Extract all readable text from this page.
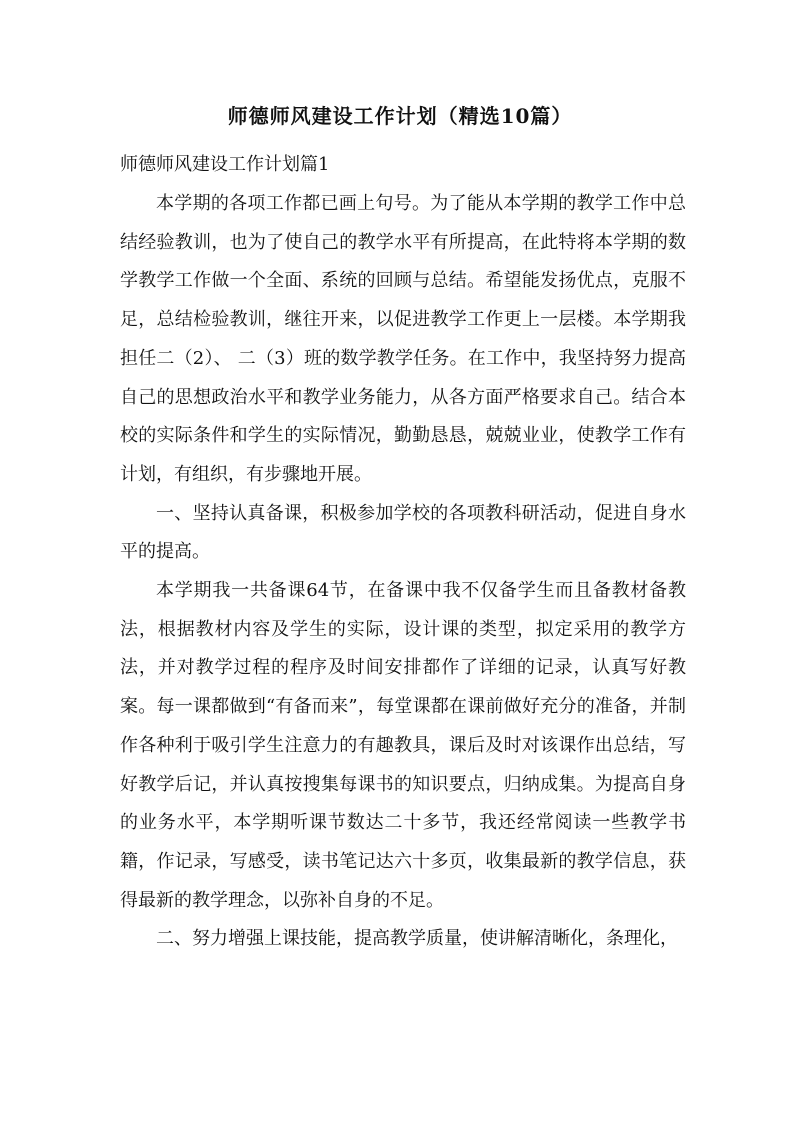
师德师风建设工作计划（精选10篇）
师德师风建设工作计划篇1

本学期的各项工作都已画上句号。为了能从本学期的教学工作中总结经验教训，也为了使自己的教学水平有所提高，在此特将本学期的数学教学工作做一个全面、系统的回顾与总结。希望能发扬优点，克服不足，总结检验教训，继往开来，以促进教学工作更上一层楼。本学期我担任二（2）、 二（3）班的数学教学任务。在工作中，我坚持努力提高自己的思想政治水平和教学业务能力，从各方面严格要求自己。结合本校的实际条件和学生的实际情况，勤勤恳恳，兢兢业业，使教学工作有计划，有组织，有步骤地开展。

一、坚持认真备课，积极参加学校的各项教科研活动，促进自身水平的提高。

本学期我一共备课64节，在备课中我不仅备学生而且备教材备教法，根据教材内容及学生的实际，设计课的类型，拟定采用的教学方法，并对教学过程的程序及时间安排都作了详细的记录，认真写好教案。每一课都做到“有备而来”，每堂课都在课前做好充分的准备，并制作各种利于吸引学生注意力的有趣教具，课后及时对该课作出总结，写好教学后记，并认真按搜集每课书的知识要点，归纳成集。为提高自身的业务水平，本学期听课节数达二十多节，我还经常阅读一些教学书籍，作记录，写感受，读书笔记达六十多页，收集最新的教学信息，获得最新的教学理念，以弥补自身的不足。

二、努力增强上课技能，提高教学质量，使讲解清晰化，条理化，
